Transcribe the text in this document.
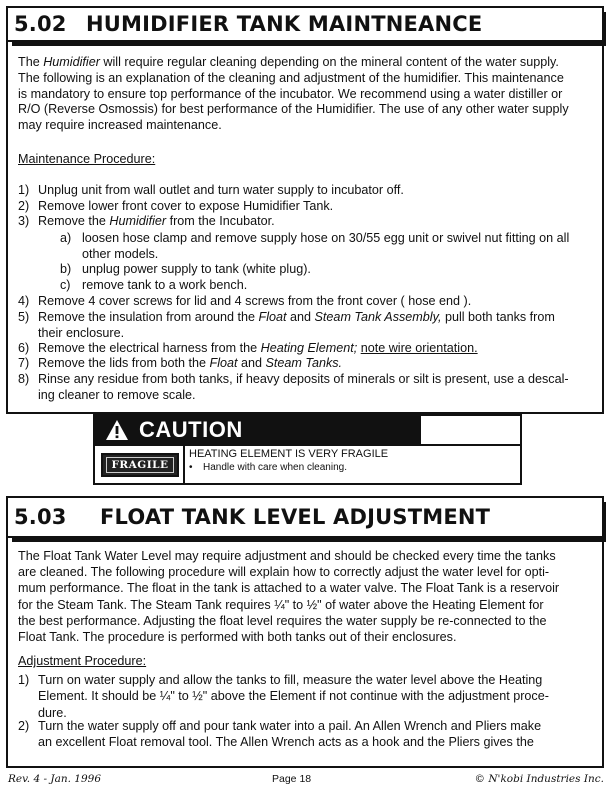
5.02 HUMIDIFIER TANK MAINTNEANCE
The Humidifier will require regular cleaning depending on the mineral content of the water supply.
The following is an explanation of the cleaning and adjustment of the humidifier. This maintenance
is mandatory to ensure top performance of the incubator. We recommend using a water distiller or
R/O (Reverse Osmossis) for best performance of the Humidifier. The use of any other water supply
may require increased maintenance.
Maintenance Procedure:
1) Unplug unit from wall outlet and turn water supply to incubator off.
2) Remove lower front cover to expose Humidifier Tank.
3) Remove the Humidifier from the Incubator.
4) Remove 4 cover screws for lid and 4 screws from the front cover ( hose end ).
5) Remove the insulation from around the Float and Steam Tank Assembly, pull both tanks from
their enclosure.
6) Remove the electrical harness from the Heating Element; note wire orientation.
7) Remove the lids from both the Float and Steam Tanks.
8) Rinse any residue from both tanks, if heavy deposits of minerals or silt is present, use a descal-
ing cleaner to remove scale.
a) loosen hose clamp and remove supply hose on 30/55 egg unit or swivel nut fitting on all
other models.
b) unplug power supply to tank (white plug).
c) remove tank to a work bench.
CAUTION
FRAGILE
HEATING ELEMENT IS VERY FRAGILE
• Handle with care when cleaning.
5.03	FLOAT TANK LEVEL ADJUSTMENT
The Float Tank Water Level may require adjustment and should be checked every time the tanks
are cleaned. The following procedure will explain how to correctly adjust the water level for opti-
mum performance. The float in the tank is attached to a water valve. The Float Tank is a reservoir
for the Steam Tank. The Steam Tank requires ¼" to ½" of water above the Heating Element for
the best performance. Adjusting the float level requires the water supply be re-connected to the
Float Tank. The procedure is performed with both tanks out of their enclosures.
Adjustment Procedure:
1) Turn on water supply and allow the tanks to fill, measure the water level above the Heating
Element. It should be ¼" to ½" above the Element if not continue with the adjustment proce-
dure.
2) Turn the water supply off and pour tank water into a pail. An Allen Wrench and Pliers make
an excellent Float removal tool. The Allen Wrench acts as a hook and the Pliers gives the
Rev. 4 - Jan. 1996	Page 18	© N'kobi Industries Inc.
